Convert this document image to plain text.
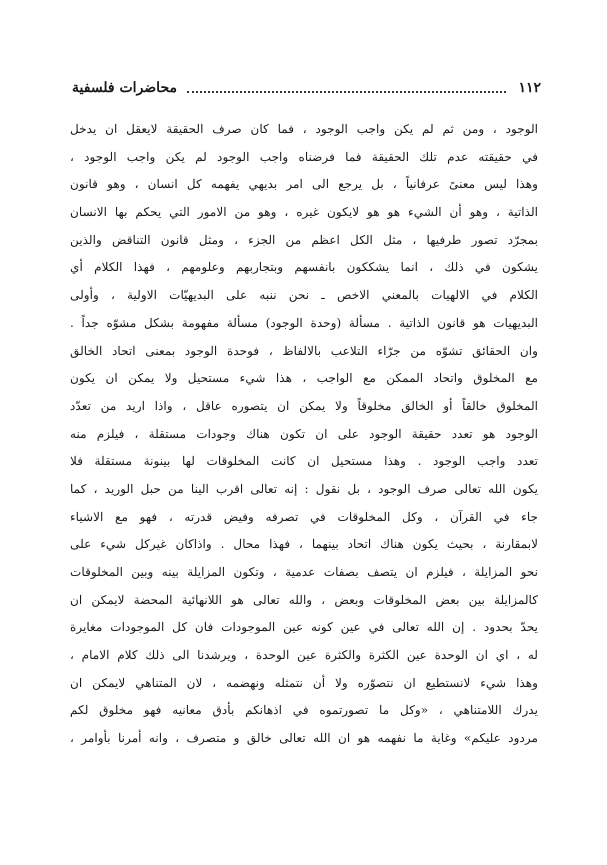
١١٢
محاضرات فلسفية
الوجود ، ومن ثم لم يكن واجب الوجود ، فما كان صرف الحقيقة لايعقل ان يدخل
في حقيقته عدم تلك الحقيقة فما فرضناه واجب الوجود لم يكن واجب الوجود ،
وهذا ليس معنىً عرفانياً ، بل يرجع الى امر بديهي يفهمه كل انسان ، وهو قانون
الذاتية ، وهو أن الشيء هو هو لايكون غيره ، وهو من الامور التي يحكم بها الانسان
بمجرّد تصور طرفيها ، مثل الكل اعظم من الجزء ، ومثل قانون التناقض والذين
يشكون في ذلك ، انما يشككون بانفسهم وبتجاربهم وعلومهم ، فهذا الكلام أي
الكلام في الالهيات بالمعني الاخص ـ نحن ننبه على البديهيّات الاولية ، وأولى
البديهيات هو قانون الذاتية . مسألة (وحدة الوجود) مسألة مفهومة بشكل مشوّه جداً .
وان الحقائق تشوّه من جرّاء التلاعب بالالفاظ ، فوحدة الوجود بمعنى اتحاد الخالق
مع المخلوق واتحاد الممكن مع الواجب ، هذا شيء مستحيل ولا يمكن ان يكون
المخلوق خالقاً أو الخالق مخلوقاً ولا يمكن ان يتصوره عاقل ، واذا اريد من تعدّد
الوجود هو تعدد حقيقة الوجود على ان تكون هناك وجودات مستقلة ، فيلزم منه
تعدد واجب الوجود . وهذا مستحيل ان كانت المخلوقات لها بينونة مستقلة فلا
يكون الله تعالى صرف الوجود ، بل نقول : إنه تعالى اقرب الينا من حبل الوريد ، كما
جاء في القرآن ، وكل المخلوقات في تصرفه وفيض قدرته ، فهو مع الاشياء
لابمقارنة ، بحيث يكون هناك اتحاد بينهما ، فهذا محال . واذاكان غيركل شيء على
نحو المزايلة ، فيلزم ان يتصف بصفات عدمية ، وتكون المزايلة بينه وبين المخلوقات
كالمزايلة بين بعض المخلوقات وبعض ، والله تعالى هو اللانهائية المحضة لايمكن ان
يحدّ بحدود . إن الله تعالى في عين كونه عين الموجودات فان كل الموجودات مغايرة
له ، اي ان الوحدة عين الكثرة والكثرة عين الوحدة ، ويرشدنا الى ذلك كلام الامام ،
وهذا شيء لانستطيع ان نتصوّره ولا أن نتمثله ونهضمه ، لان المتناهي لايمكن ان
يدرك اللامتناهي ، «وكل ما تصورتموه في اذهانكم بأدق معانيه فهو مخلوق لكم
مردود عليكم» وغاية ما نفهمه هو ان الله تعالى خالق و متصرف ، وانه أمرنا بأوامر ،
